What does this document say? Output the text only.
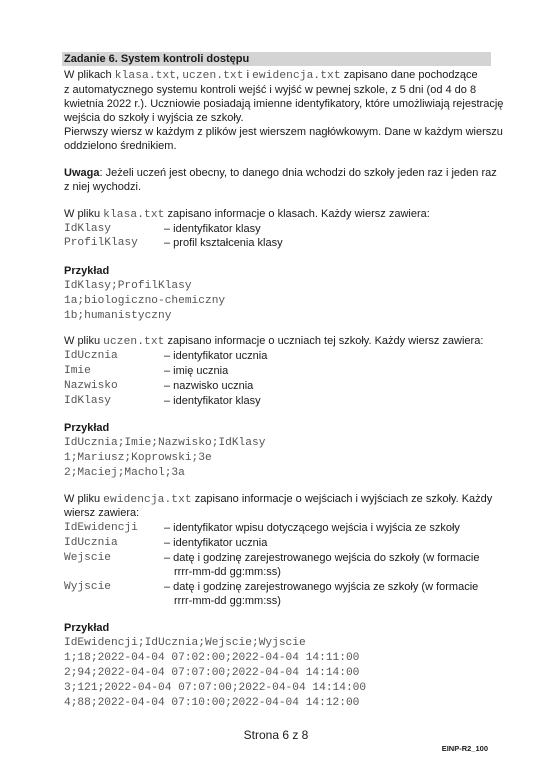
Zadanie 6. System kontroli dostępu
W plikach klasa.txt, uczen.txt i ewidencja.txt zapisano dane pochodzące
z automatycznego systemu kontroli wejść i wyjść w pewnej szkole, z 5 dni (od 4 do 8
kwietnia 2022 r.). Uczniowie posiadają imienne identyfikatory, które umożliwiają rejestrację
wejścia do szkoły i wyjścia ze szkoły.
Pierwszy wiersz w każdym z plików jest wierszem nagłówkowym. Dane w każdym wierszu
oddzielono średnikiem.
Uwaga: Jeżeli uczeń jest obecny, to danego dnia wchodzi do szkoły jeden raz i jeden raz
z niej wychodzi.
W pliku klasa.txt zapisano informacje o klasach. Każdy wiersz zawiera:
IdKlasy	– identyfikator klasy
ProfilKlasy – profil kształcenia klasy
Przykład
IdKlasy;ProfilKlasy
1a;biologiczno-chemiczny
1b;humanistyczny
W pliku uczen.txt zapisano informacje o uczniach tej szkoły. Każdy wiersz zawiera:
IdUcznia	– identyfikator ucznia
Imie	– imię ucznia
Nazwisko	– nazwisko ucznia
IdKlasy	– identyfikator klasy
Przykład
IdUcznia;Imie;Nazwisko;IdKlasy
1;Mariusz;Koprowski;3e
2;Maciej;Machol;3a
W pliku ewidencja.txt zapisano informacje o wejściach i wyjściach ze szkoły. Każdy
wiersz zawiera:
IdEwidencji – identyfikator wpisu dotyczącego wejścia i wyjścia ze szkoły
IdUcznia	– identyfikator ucznia
Wejscie	– datę i godzinę zarejestrowanego wejścia do szkoły (w formacie
rrrr-mm-dd gg:mm:ss)
Wyjscie	– datę i godzinę zarejestrowanego wyjścia ze szkoły (w formacie
rrrr-mm-dd gg:mm:ss)
Przykład
IdEwidencji;IdUcznia;Wejscie;Wyjscie
1;18;2022-04-04 07:02:00;2022-04-04 14:11:00
2;94;2022-04-04 07:07:00;2022-04-04 14:14:00
3;121;2022-04-04 07:07:00;2022-04-04 14:14:00
4;88;2022-04-04 07:10:00;2022-04-04 14:12:00
Strona 6 z 8
EINP-R2_100
